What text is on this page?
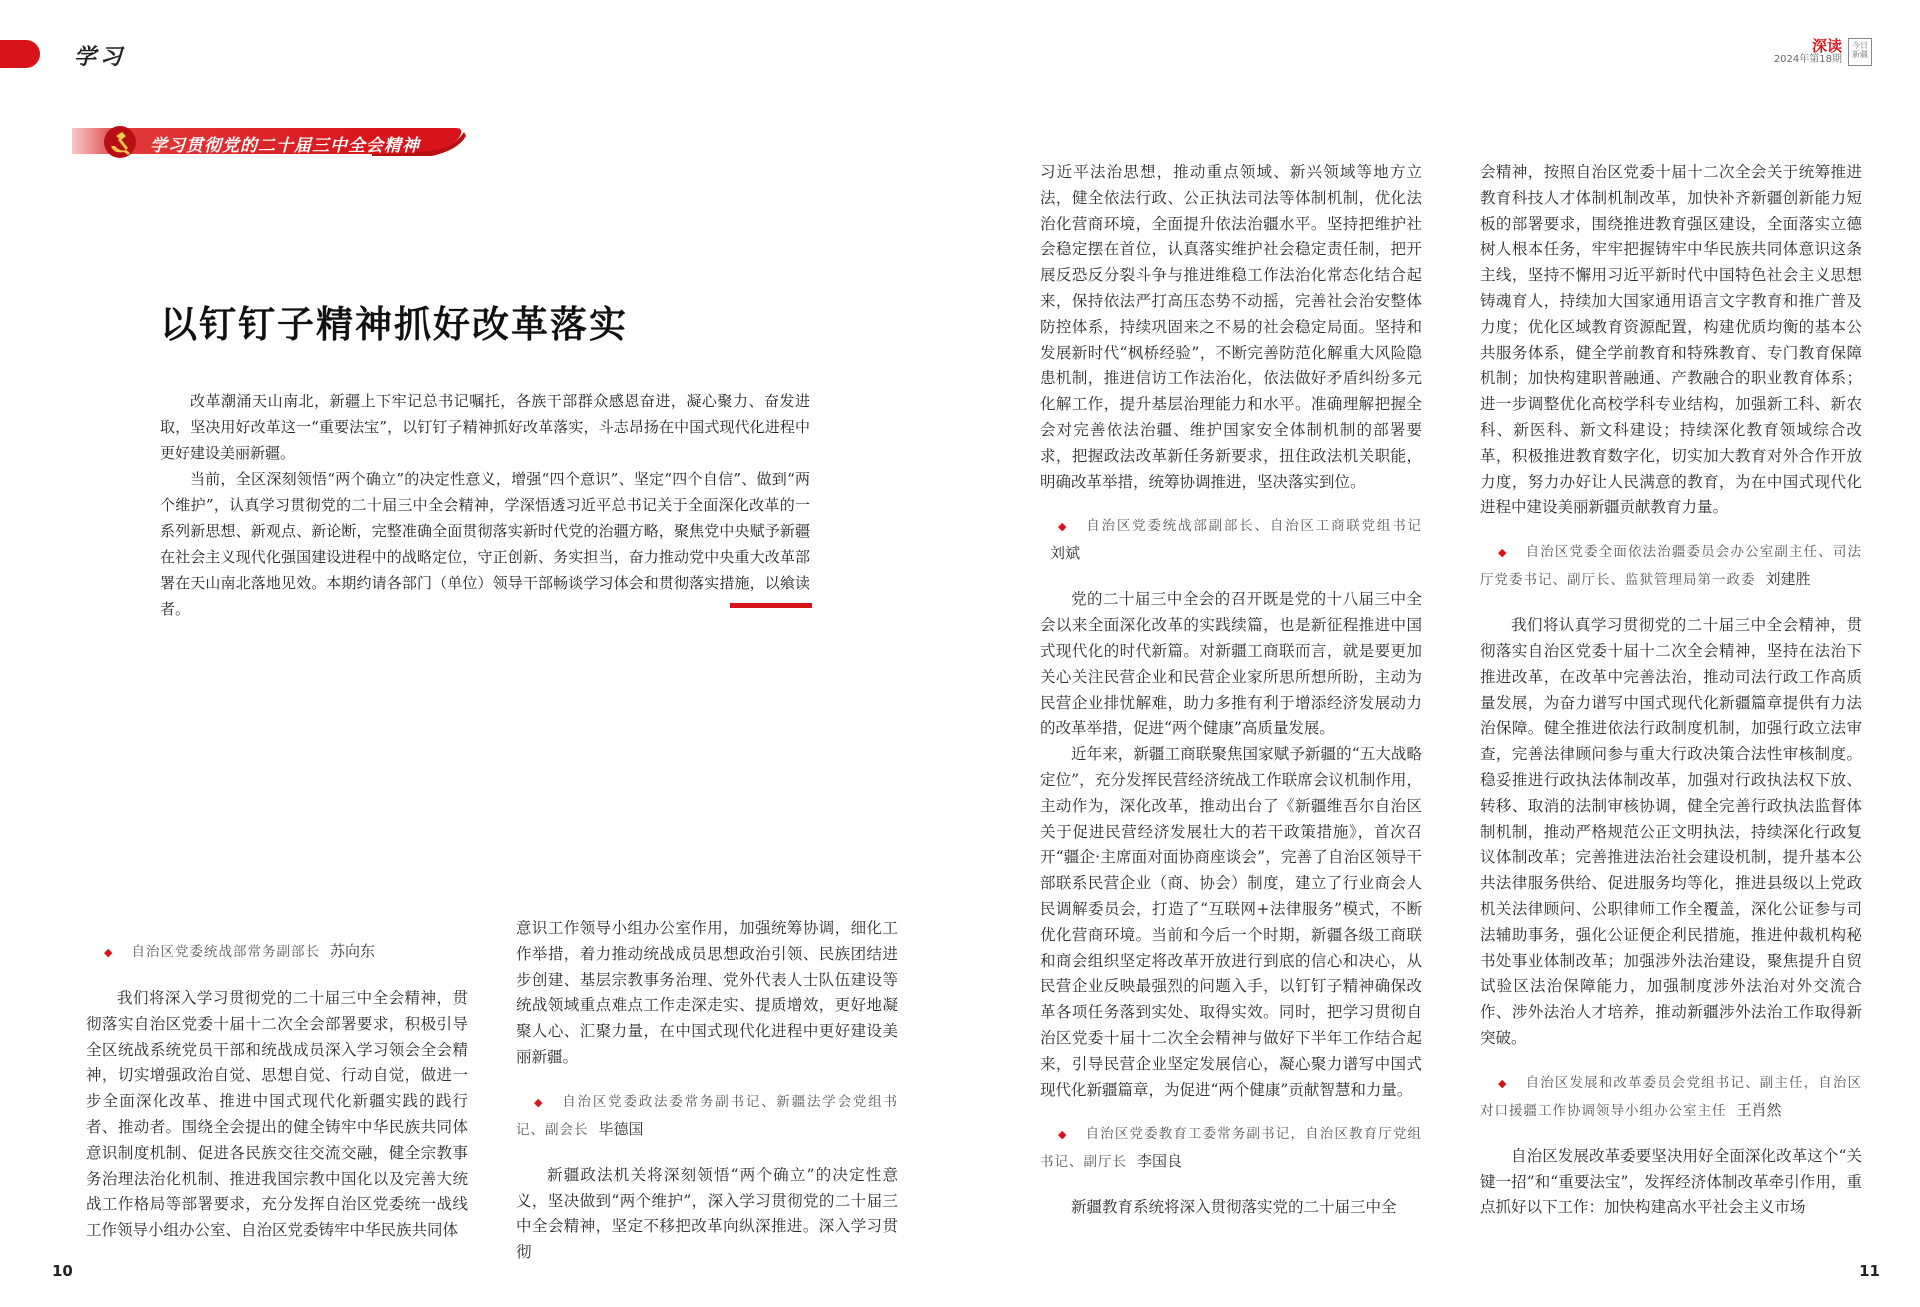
学习	深读
2024年第18期
今日新疆
学习贯彻党的二十届三中全会精神
以钉钉子精神抓好改革落实

改革潮涌天山南北，新疆上下牢记总书记嘱托，各族干部群众感恩奋进，凝心聚力、奋发进取，坚决用好改革这一“重要法宝”，以钉钉子精神抓好改革落实，斗志昂扬在中国式现代化进程中更好建设美丽新疆。

当前，全区深刻领悟“两个确立”的决定性意义，增强“四个意识”、坚定“四个自信”、做到“两个维护”，认真学习贯彻党的二十届三中全会精神，学深悟透习近平总书记关于全面深化改革的一系列新思想、新观点、新论断，完整准确全面贯彻落实新时代党的治疆方略，聚焦党中央赋予新疆在社会主义现代化强国建设进程中的战略定位，守正创新、务实担当，奋力推动党中央重大改革部署在天山南北落地见效。本期约请各部门（单位）领导干部畅谈学习体会和贯彻落实措施，以飨读者。

◆ 自治区党委统战部常务副部长 苏向东

我们将深入学习贯彻党的二十届三中全会精神，贯彻落实自治区党委十届十二次全会部署要求，积极引导全区统战系统党员干部和统战成员深入学习领会全会精神，切实增强政治自觉、思想自觉、行动自觉，做进一步全面深化改革、推进中国式现代化新疆实践的践行者、推动者。围绕全会提出的健全铸牢中华民族共同体意识制度机制、促进各民族交往交流交融，健全宗教事务治理法治化机制、推进我国宗教中国化以及完善大统战工作格局等部署要求，充分发挥自治区党委统一战线工作领导小组办公室、自治区党委铸牢中华民族共同体

意识工作领导小组办公室作用，加强统筹协调，细化工作举措，着力推动统战成员思想政治引领、民族团结进步创建、基层宗教事务治理、党外代表人士队伍建设等统战领域重点难点工作走深走实、提质增效，更好地凝聚人心、汇聚力量，在中国式现代化进程中更好建设美丽新疆。

◆ 自治区党委政法委常务副书记、新疆法学会党组书记、副会长 毕德国

新疆政法机关将深刻领悟“两个确立”的决定性意义，坚决做到“两个维护”，深入学习贯彻党的二十届三中全会精神，坚定不移把改革向纵深推进。深入学习贯彻

习近平法治思想，推动重点领域、新兴领域等地方立法，健全依法行政、公正执法司法等体制机制，优化法治化营商环境，全面提升依法治疆水平。坚持把维护社会稳定摆在首位，认真落实维护社会稳定责任制，把开展反恐反分裂斗争与推进维稳工作法治化常态化结合起来，保持依法严打高压态势不动摇，完善社会治安整体防控体系，持续巩固来之不易的社会稳定局面。坚持和发展新时代“枫桥经验”，不断完善防范化解重大风险隐患机制，推进信访工作法治化，依法做好矛盾纠纷多元化解工作，提升基层治理能力和水平。准确理解把握全会对完善依法治疆、维护国家安全体制机制的部署要求，把握政法改革新任务新要求，扭住政法机关职能，明确改革举措，统筹协调推进，坚决落实到位。

◆ 自治区党委统战部副部长、自治区工商联党组书记刘斌

党的二十届三中全会的召开既是党的十八届三中全会以来全面深化改革的实践续篇，也是新征程推进中国式现代化的时代新篇。对新疆工商联而言，就是要更加关心关注民营企业和民营企业家所思所想所盼，主动为民营企业排忧解难，助力多推有利于增添经济发展动力的改革举措，促进“两个健康”高质量发展。

近年来，新疆工商联聚焦国家赋予新疆的“五大战略定位”，充分发挥民营经济统战工作联席会议机制作用，主动作为，深化改革，推动出台了《新疆维吾尔自治区关于促进民营经济发展壮大的若干政策措施》，首次召开“疆企·主席面对面协商座谈会”，完善了自治区领导干部联系民营企业（商、协会）制度，建立了行业商会人民调解委员会，打造了“互联网+法律服务”模式，不断优化营商环境。当前和今后一个时期，新疆各级工商联和商会组织坚定将改革开放进行到底的信心和决心，从民营企业反映最强烈的问题入手，以钉钉子精神确保改革各项任务落到实处、取得实效。同时，把学习贯彻自治区党委十届十二次全会精神与做好下半年工作结合起来，引导民营企业坚定发展信心，凝心聚力谱写中国式现代化新疆篇章，为促进“两个健康”贡献智慧和力量。

◆ 自治区党委教育工委常务副书记，自治区教育厅党组书记、副厅长 李国良

新疆教育系统将深入贯彻落实党的二十届三中全

会精神，按照自治区党委十届十二次全会关于统筹推进教育科技人才体制机制改革，加快补齐新疆创新能力短板的部署要求，围绕推进教育强区建设，全面落实立德树人根本任务，牢牢把握铸牢中华民族共同体意识这条主线，坚持不懈用习近平新时代中国特色社会主义思想铸魂育人，持续加大国家通用语言文字教育和推广普及力度；优化区域教育资源配置，构建优质均衡的基本公共服务体系，健全学前教育和特殊教育、专门教育保障机制；加快构建职普融通、产教融合的职业教育体系；进一步调整优化高校学科专业结构，加强新工科、新农科、新医科、新文科建设；持续深化教育领域综合改革，积极推进教育数字化，切实加大教育对外合作开放力度，努力办好让人民满意的教育，为在中国式现代化进程中建设美丽新疆贡献教育力量。

◆ 自治区党委全面依法治疆委员会办公室副主任、司法厅党委书记、副厅长、监狱管理局第一政委 刘建胜

我们将认真学习贯彻党的二十届三中全会精神，贯彻落实自治区党委十届十二次全会精神，坚持在法治下推进改革，在改革中完善法治，推动司法行政工作高质量发展，为奋力谱写中国式现代化新疆篇章提供有力法治保障。健全推进依法行政制度机制，加强行政立法审查，完善法律顾问参与重大行政决策合法性审核制度。稳妥推进行政执法体制改革，加强对行政执法权下放、转移、取消的法制审核协调，健全完善行政执法监督体制机制，推动严格规范公正文明执法，持续深化行政复议体制改革；完善推进法治社会建设机制，提升基本公共法律服务供给、促进服务均等化，推进县级以上党政机关法律顾问、公职律师工作全覆盖，深化公证参与司法辅助事务，强化公证便企利民措施，推进仲裁机构秘书处事业体制改革；加强涉外法治建设，聚焦提升自贸试验区法治保障能力，加强制度涉外法治对外交流合作、涉外法治人才培养，推动新疆涉外法治工作取得新突破。

◆ 自治区发展和改革委员会党组书记、副主任，自治区对口援疆工作协调领导小组办公室主任 王肖然

自治区发展改革委要坚决用好全面深化改革这个“关键一招”和“重要法宝”，发挥经济体制改革牵引作用，重点抓好以下工作：加快构建高水平社会主义市场

10	11
